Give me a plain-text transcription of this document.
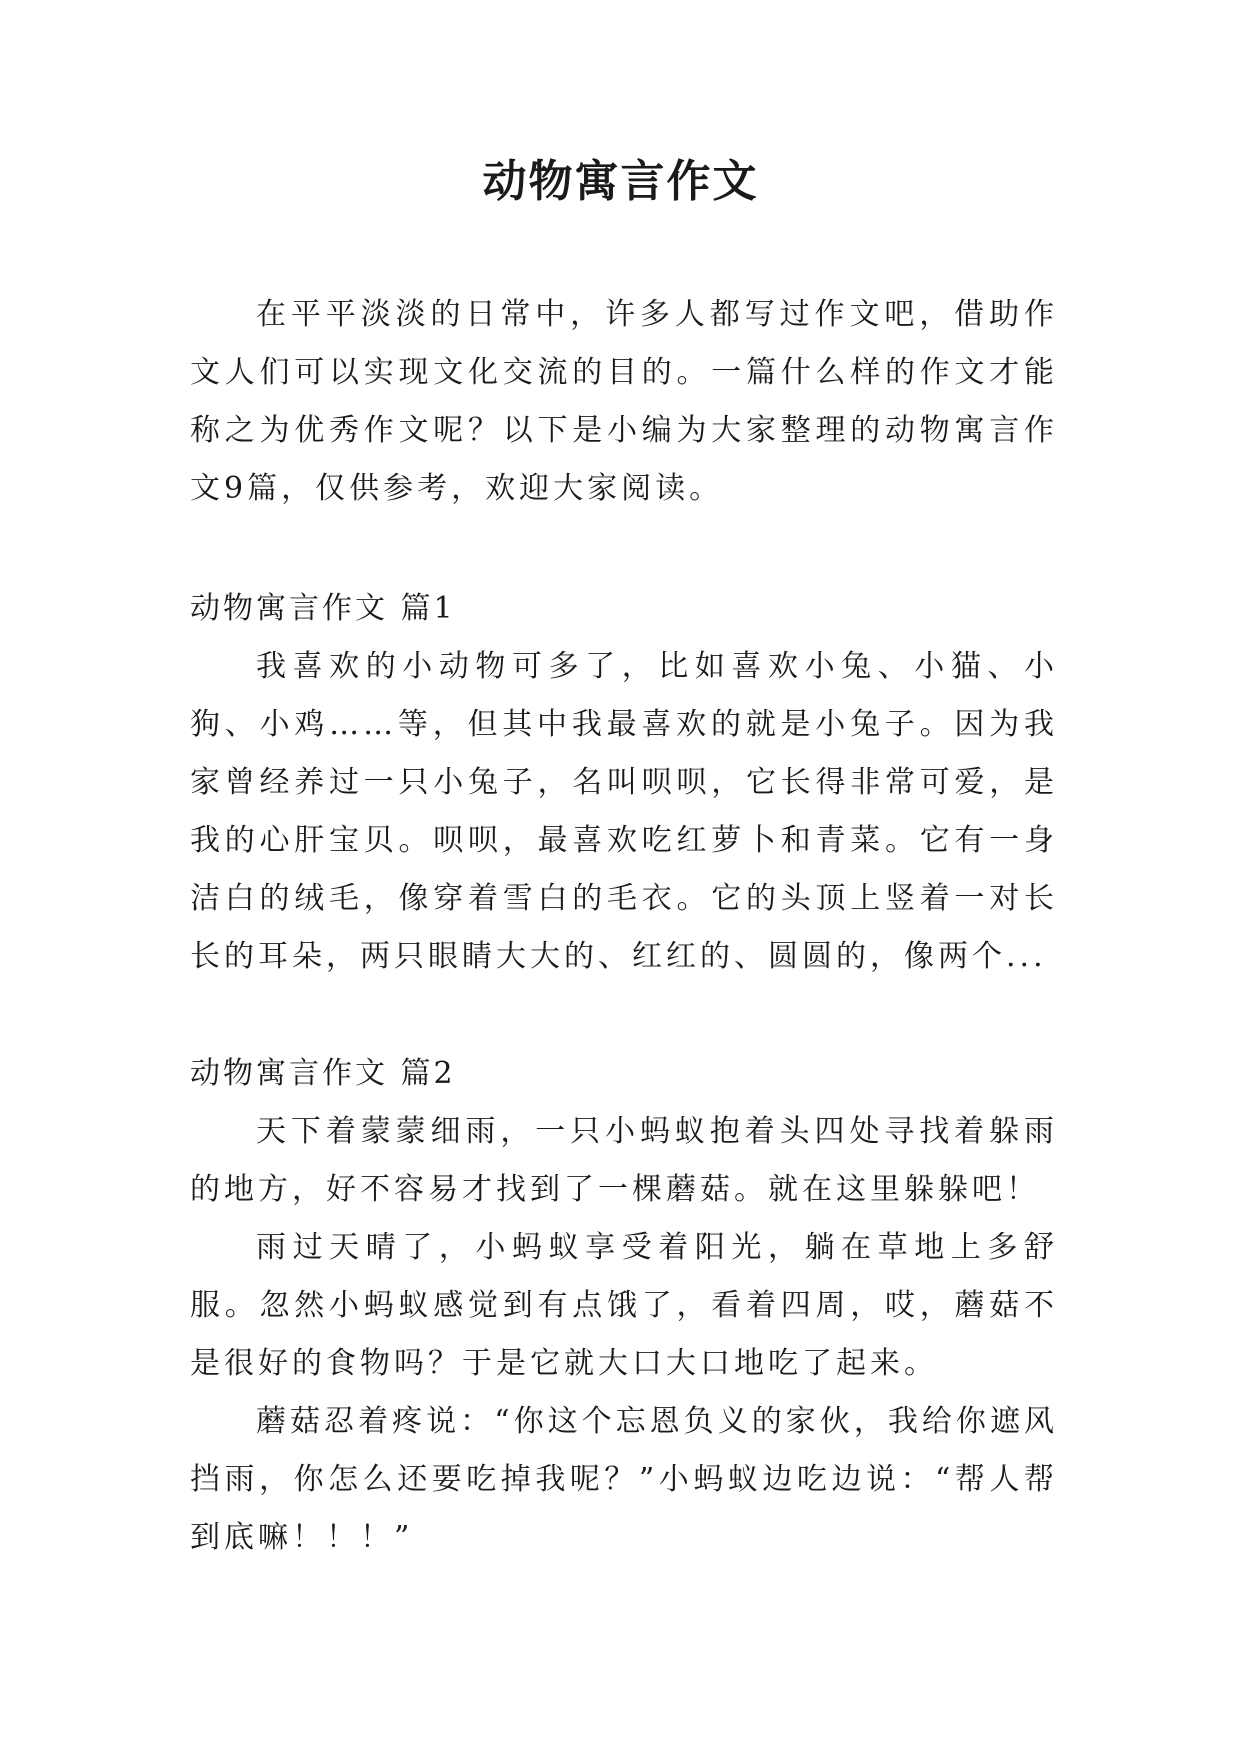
动物寓言作文

在平平淡淡的日常中，许多人都写过作文吧，借助作文人们可以实现文化交流的目的。一篇什么样的作文才能称之为优秀作文呢？以下是小编为大家整理的动物寓言作文9篇，仅供参考，欢迎大家阅读。

动物寓言作文 篇1

我喜欢的小动物可多了，比如喜欢小兔、小猫、小狗、小鸡……等，但其中我最喜欢的就是小兔子。因为我家曾经养过一只小兔子，名叫呗呗，它长得非常可爱，是我的心肝宝贝。呗呗，最喜欢吃红萝卜和青菜。它有一身洁白的绒毛，像穿着雪白的毛衣。它的头顶上竖着一对长长的耳朵，两只眼睛大大的、红红的、圆圆的，像两个...

动物寓言作文 篇2

天下着蒙蒙细雨，一只小蚂蚁抱着头四处寻找着躲雨的地方，好不容易才找到了一棵蘑菇。就在这里躲躲吧！

雨过天晴了，小蚂蚁享受着阳光，躺在草地上多舒服。忽然小蚂蚁感觉到有点饿了，看着四周，哎，蘑菇不是很好的食物吗？于是它就大口大口地吃了起来。

蘑菇忍着疼说：“你这个忘恩负义的家伙，我给你遮风挡雨，你怎么还要吃掉我呢？”小蚂蚁边吃边说：“帮人帮到底嘛！！！”
